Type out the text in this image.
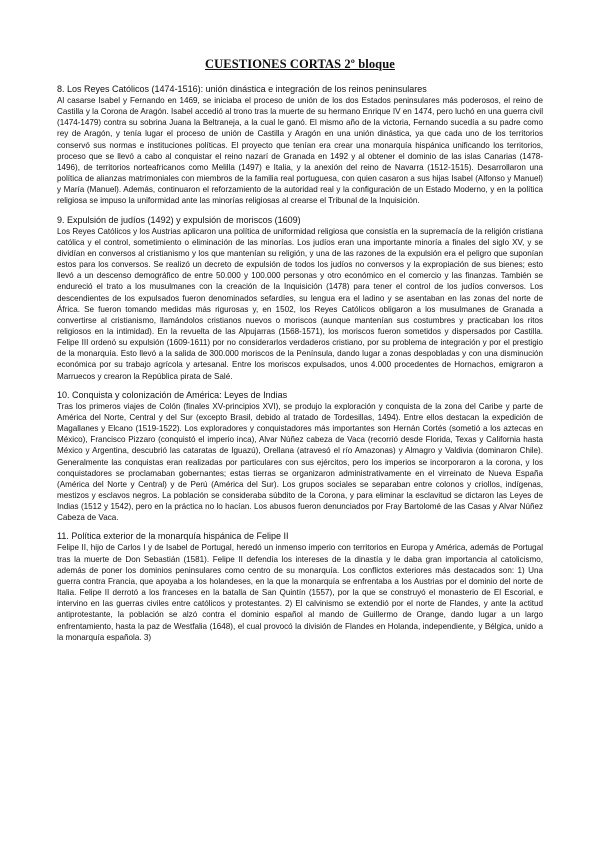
CUESTIONES CORTAS 2º bloque

8. Los Reyes Católicos (1474-1516): unión dinástica e integración de los reinos peninsulares

Al casarse Isabel y Fernando en 1469, se iniciaba el proceso de unión de los dos Estados peninsulares más poderosos, el reino de Castilla y la Corona de Aragón. Isabel accedió al trono tras la muerte de su hermano Enrique IV en 1474, pero luchó en una guerra civil (1474-1479) contra su sobrina Juana la Beltraneja, a la cual le ganó. El mismo año de la victoria, Fernando sucedía a su padre como rey de Aragón, y tenía lugar el proceso de unión de Castilla y Aragón en una unión dinástica, ya que cada uno de los territorios conservó sus normas e instituciones políticas. El proyecto que tenían era crear una monarquía hispánica unificando los territorios, proceso que se llevó a cabo al conquistar el reino nazarí de Granada en 1492 y al obtener el dominio de las islas Canarias (1478-1496), de territorios norteafricanos como Melilla (1497) e Italia, y la anexión del reino de Navarra (1512-1515). Desarrollaron una política de alianzas matrimoniales con miembros de la familia real portuguesa, con quien casaron a sus hijas Isabel (Alfonso y Manuel) y María (Manuel). Además, continuaron el reforzamiento de la autoridad real y la configuración de un Estado Moderno, y en la política religiosa se impuso la uniformidad ante las minorías religiosas al crearse el Tribunal de la Inquisición.

9. Expulsión de judíos (1492) y expulsión de moriscos (1609)

Los Reyes Católicos y los Austrias aplicaron una política de uniformidad religiosa que consistía en la supremacía de la religión cristiana católica y el control, sometimiento o eliminación de las minorías. Los judíos eran una importante minoría a finales del siglo XV, y se dividían en conversos al cristianismo y los que mantenían su religión, y una de las razones de la expulsión era el peligro que suponían estos para los conversos. Se realizó un decreto de expulsión de todos los judíos no conversos y la expropiación de sus bienes; esto llevó a un descenso demográfico de entre 50.000 y 100.000 personas y otro económico en el comercio y las finanzas. También se endureció el trato a los musulmanes con la creación de la Inquisición (1478) para tener el control de los judíos conversos. Los descendientes de los expulsados fueron denominados sefardíes, su lengua era el ladino y se asentaban en las zonas del norte de África. Se fueron tomando medidas más rigurosas y, en 1502, los Reyes Católicos obligaron a los musulmanes de Granada a convertirse al cristianismo, llamándolos cristianos nuevos o moriscos (aunque mantenían sus costumbres y practicaban los ritos religiosos en la intimidad). En la revuelta de las Alpujarras (1568-1571), los moriscos fueron sometidos y dispersados por Castilla. Felipe III ordenó su expulsión (1609-1611) por no considerarlos verdaderos cristiano, por su problema de integración y por el prestigio de la monarquía. Esto llevó a la salida de 300.000 moriscos de la Península, dando lugar a zonas despobladas y con una disminución económica por su trabajo agrícola y artesanal. Entre los moriscos expulsados, unos 4.000 procedentes de Hornachos, emigraron a Marruecos y crearon la República pirata de Salé.

10. Conquista y colonización de América: Leyes de Indias

Tras los primeros viajes de Colón (finales XV-principios XVI), se produjo la exploración y conquista de la zona del Caribe y parte de América del Norte, Central y del Sur (excepto Brasil, debido al tratado de Tordesillas, 1494). Entre ellos destacan la expedición de Magallanes y Elcano (1519-1522). Los exploradores y conquistadores más importantes son Hernán Cortés (sometió a los aztecas en México), Francisco Pizzaro (conquistó el imperio inca), Alvar Núñez cabeza de Vaca (recorrió desde Florida, Texas y California hasta México y Argentina, descubrió las cataratas de Iguazú), Orellana (atravesó el río Amazonas) y Almagro y Valdivia (dominaron Chile). Generalmente las conquistas eran realizadas por particulares con sus ejércitos, pero los imperios se incorporaron a la corona, y los conquistadores se proclamaban gobernantes; estas tierras se organizaron administrativamente en el virreinato de Nueva España (América del Norte y Central) y de Perú (América del Sur). Los grupos sociales se separaban entre colonos y criollos, indígenas, mestizos y esclavos negros. La población se consideraba súbdito de la Corona, y para eliminar la esclavitud se dictaron las Leyes de Indias (1512 y 1542), pero en la práctica no lo hacían. Los abusos fueron denunciados por Fray Bartolomé de las Casas y Alvar Núñez Cabeza de Vaca.

11. Política exterior de la monarquía hispánica de Felipe II

Felipe II, hijo de Carlos I y de Isabel de Portugal, heredó un inmenso imperio con territorios en Europa y América, además de Portugal tras la muerte de Don Sebastián (1581). Felipe II defendía los intereses de la dinastía y le daba gran importancia al catolicismo, además de poner los dominios peninsulares como centro de su monarquía. Los conflictos exteriores más destacados son: 1) Una guerra contra Francia, que apoyaba a los holandeses, en la que la monarquía se enfrentaba a los Austrias por el dominio del norte de Italia. Felipe II derrotó a los franceses en la batalla de San Quintín (1557), por la que se construyó el monasterio de El Escorial, e intervino en las guerras civiles entre católicos y protestantes. 2) El calvinismo se extendió por el norte de Flandes, y ante la actitud antiprotestante, la población se alzó contra el dominio español al mando de Guillermo de Orange, dando lugar a un largo enfrentamiento, hasta la paz de Westfalia (1648), el cual provocó la división de Flandes en Holanda, independiente, y Bélgica, unido a la monarquía española. 3)
